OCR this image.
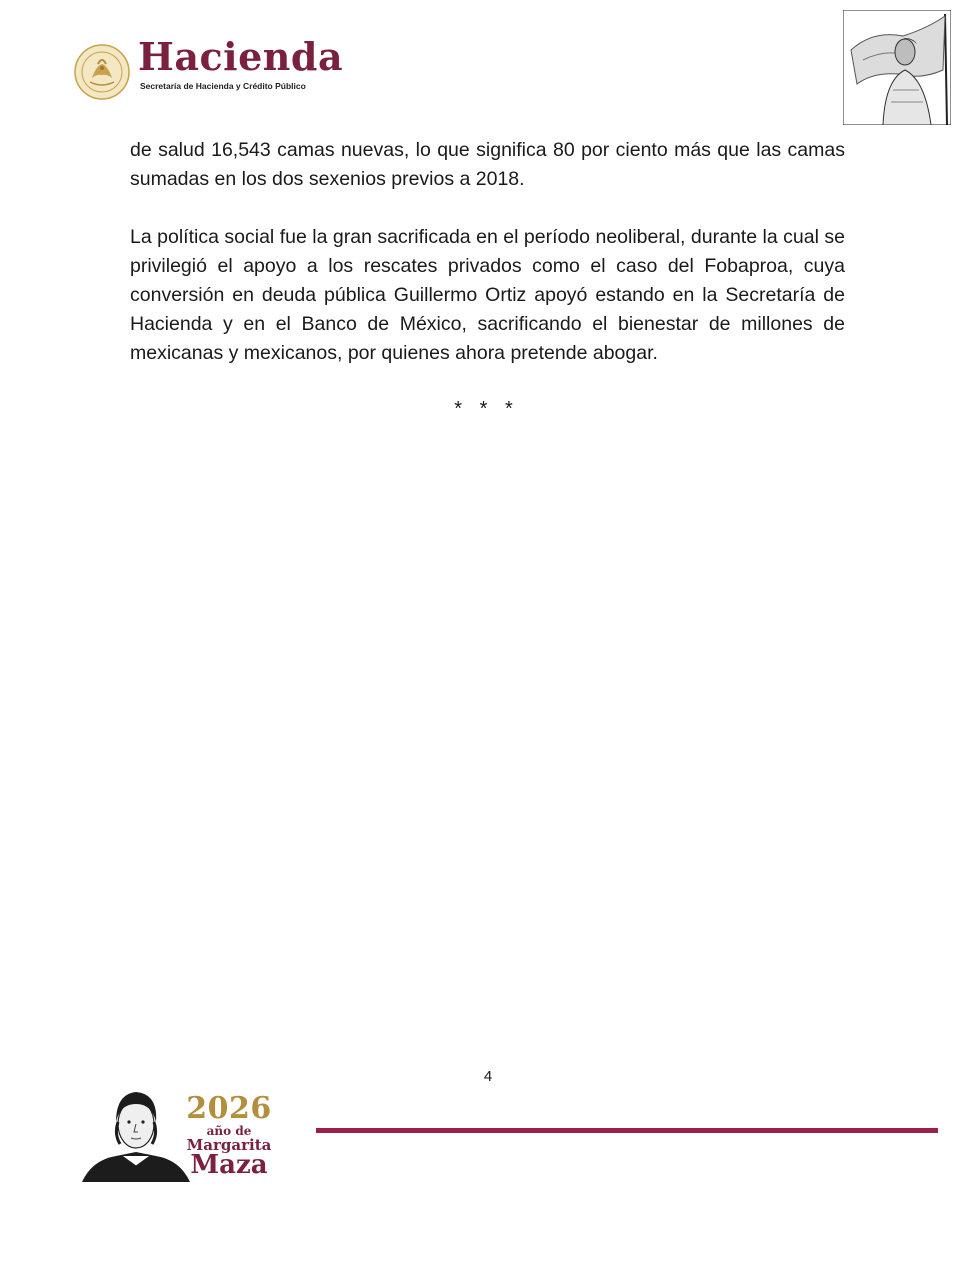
Hacienda
Secretaría de Hacienda y Crédito Público

de salud 16,543 camas nuevas, lo que significa 80 por ciento más que las camas sumadas en los dos sexenios previos a 2018.

La política social fue la gran sacrificada en el período neoliberal, durante la cual se privilegió el apoyo a los rescates privados como el caso del Fobaproa, cuya conversión en deuda pública Guillermo Ortiz apoyó estando en la Secretaría de Hacienda y en el Banco de México, sacrificando el bienestar de millones de mexicanas y mexicanos, por quienes ahora pretende abogar.

* * *
4
2026
año de
Margarita
Maza
